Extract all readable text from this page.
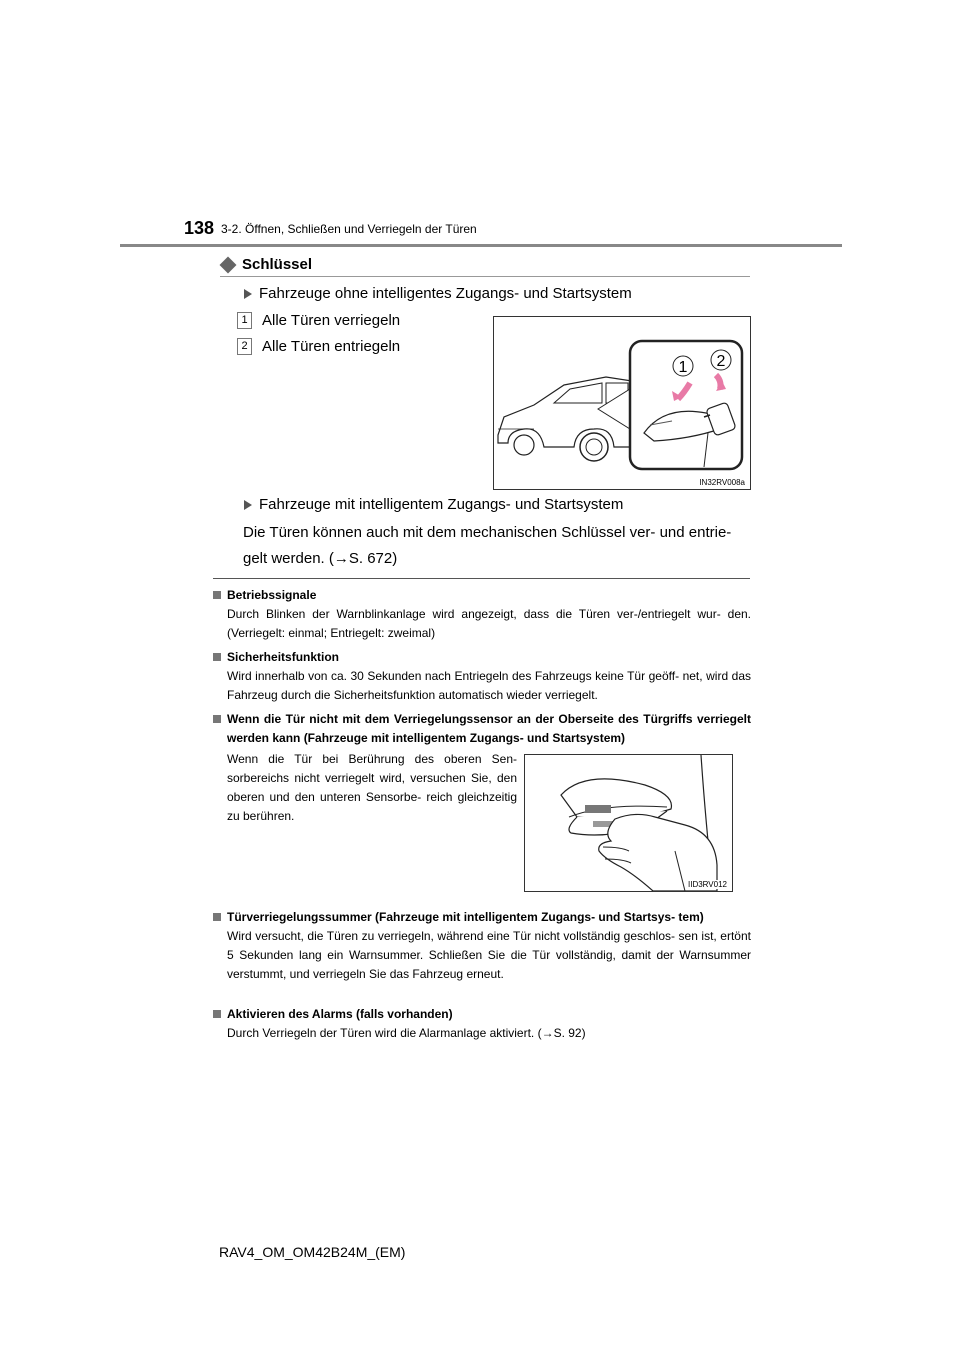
138 3-2. Öffnen, Schließen und Verriegeln der Türen
Schlüssel
Fahrzeuge ohne intelligentes Zugangs- und Startsystem
1 Alle Türen verriegeln
2 Alle Türen entriegeln
1 2
IN32RV008a
Fahrzeuge mit intelligentem Zugangs- und Startsystem
Die Türen können auch mit dem mechanischen Schlüssel ver- und entrie- gelt werden. (→S. 672)
Betriebssignale
Durch Blinken der Warnblinkanlage wird angezeigt, dass die Türen ver-/entriegelt wur- den. (Verriegelt: einmal; Entriegelt: zweimal)
Sicherheitsfunktion
Wird innerhalb von ca. 30 Sekunden nach Entriegeln des Fahrzeugs keine Tür geöff- net, wird das Fahrzeug durch die Sicherheitsfunktion automatisch wieder verriegelt.
Wenn die Tür nicht mit dem Verriegelungssensor an der Oberseite des Türgriffs verriegelt werden kann (Fahrzeuge mit intelligentem Zugangs- und Startsystem)
Wenn die Tür bei Berührung des oberen Sen- sorbereichs nicht verriegelt wird, versuchen Sie, den oberen und den unteren Sensorbe- reich gleichzeitig zu berühren.
IID3RV012
Türverriegelungssummer (Fahrzeuge mit intelligentem Zugangs- und Startsys- tem)
Wird versucht, die Türen zu verriegeln, während eine Tür nicht vollständig geschlos- sen ist, ertönt 5 Sekunden lang ein Warnsummer. Schließen Sie die Tür vollständig, damit der Warnsummer verstummt, und verriegeln Sie das Fahrzeug erneut.
Aktivieren des Alarms (falls vorhanden)
Durch Verriegeln der Türen wird die Alarmanlage aktiviert. (→S. 92)
RAV4_OM_OM42B24M_(EM)
